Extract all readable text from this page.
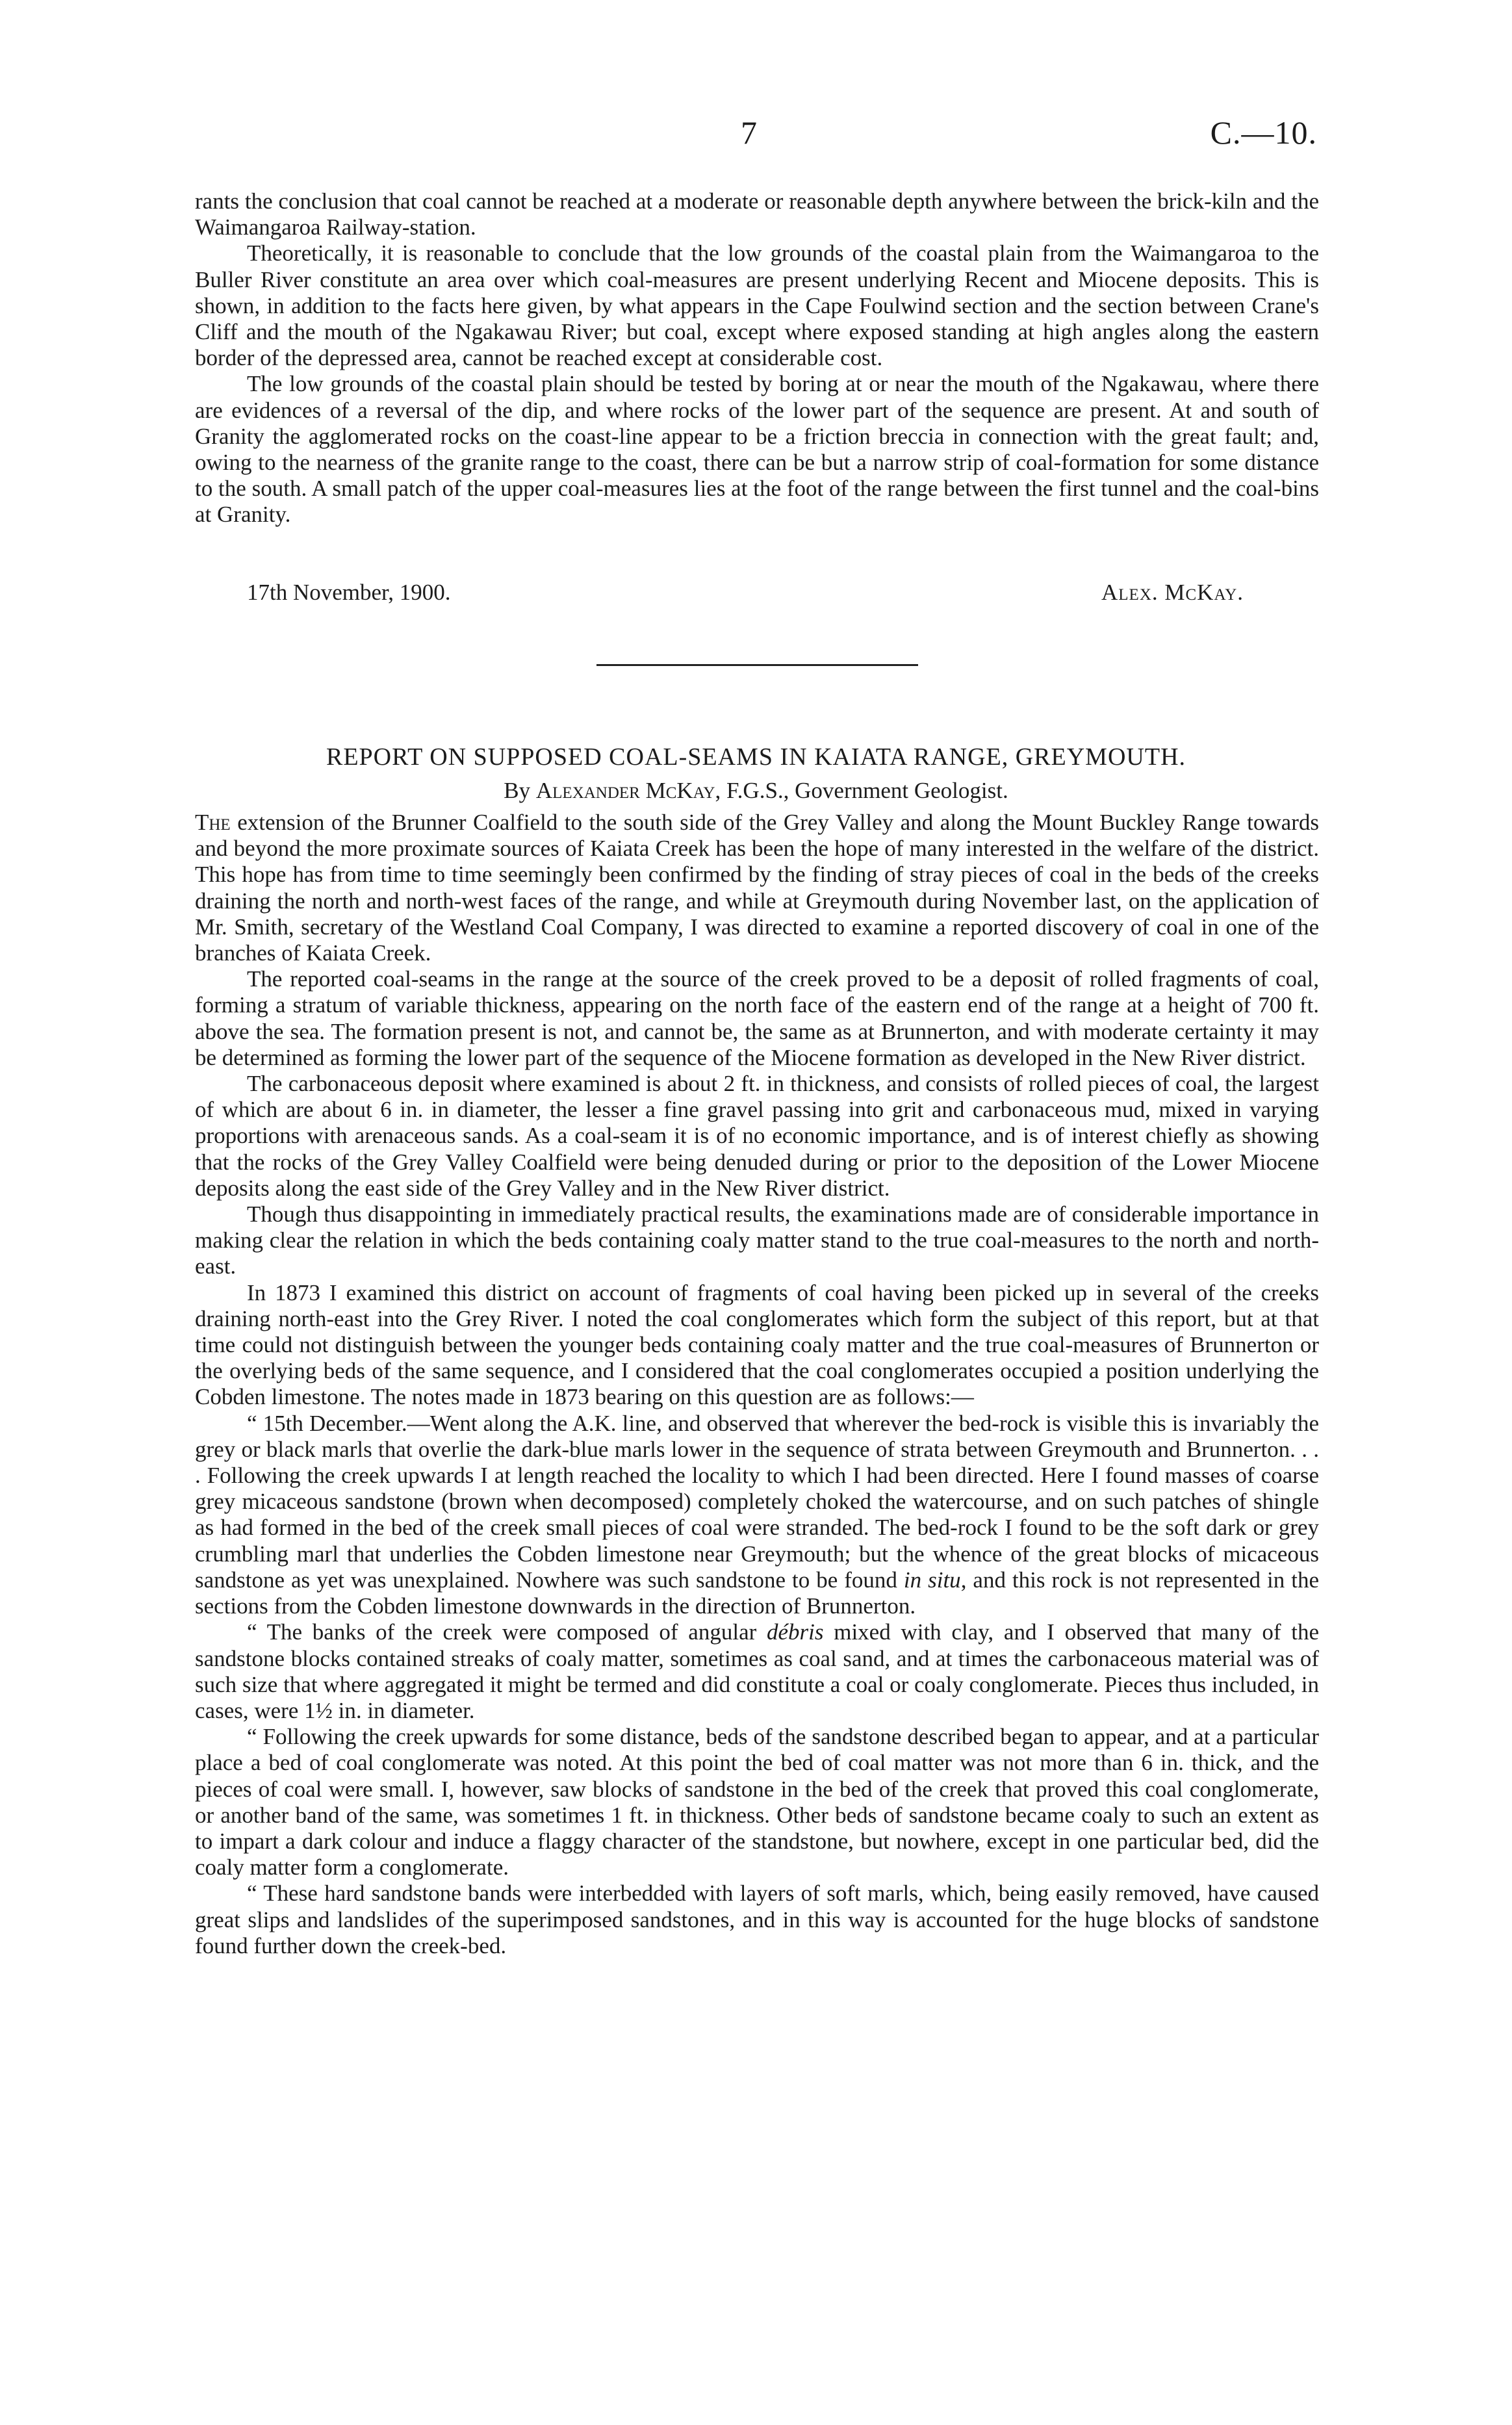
7	C.—10.

rants the conclusion that coal cannot be reached at a moderate or reasonable depth anywhere between the brick-kiln and the Waimangaroa Railway-station.

Theoretically, it is reasonable to conclude that the low grounds of the coastal plain from the Waimangaroa to the Buller River constitute an area over which coal-measures are present underlying Recent and Miocene deposits. This is shown, in addition to the facts here given, by what appears in the Cape Foulwind section and the section between Crane's Cliff and the mouth of the Ngakawau River; but coal, except where exposed standing at high angles along the eastern border of the depressed area, cannot be reached except at considerable cost.

The low grounds of the coastal plain should be tested by boring at or near the mouth of the Ngakawau, where there are evidences of a reversal of the dip, and where rocks of the lower part of the sequence are present. At and south of Granity the agglomerated rocks on the coast-line appear to be a friction breccia in connection with the great fault; and, owing to the nearness of the granite range to the coast, there can be but a narrow strip of coal-formation for some distance to the south. A small patch of the upper coal-measures lies at the foot of the range between the first tunnel and the coal-bins at Granity.

17th November, 1900.	Alex. McKay.
REPORT ON SUPPOSED COAL-SEAMS IN KAIATA RANGE, GREYMOUTH.
By Alexander McKay, F.G.S., Government Geologist.

The extension of the Brunner Coalfield to the south side of the Grey Valley and along the Mount Buckley Range towards and beyond the more proximate sources of Kaiata Creek has been the hope of many interested in the welfare of the district. This hope has from time to time seemingly been confirmed by the finding of stray pieces of coal in the beds of the creeks draining the north and north-west faces of the range, and while at Greymouth during November last, on the application of Mr. Smith, secretary of the Westland Coal Company, I was directed to examine a reported discovery of coal in one of the branches of Kaiata Creek.

The reported coal-seams in the range at the source of the creek proved to be a deposit of rolled fragments of coal, forming a stratum of variable thickness, appearing on the north face of the eastern end of the range at a height of 700 ft. above the sea. The formation present is not, and cannot be, the same as at Brunnerton, and with moderate certainty it may be determined as forming the lower part of the sequence of the Miocene formation as developed in the New River district.

The carbonaceous deposit where examined is about 2 ft. in thickness, and consists of rolled pieces of coal, the largest of which are about 6 in. in diameter, the lesser a fine gravel passing into grit and carbonaceous mud, mixed in varying proportions with arenaceous sands. As a coal-seam it is of no economic importance, and is of interest chiefly as showing that the rocks of the Grey Valley Coalfield were being denuded during or prior to the deposition of the Lower Miocene deposits along the east side of the Grey Valley and in the New River district.

Though thus disappointing in immediately practical results, the examinations made are of considerable importance in making clear the relation in which the beds containing coaly matter stand to the true coal-measures to the north and north-east.

In 1873 I examined this district on account of fragments of coal having been picked up in several of the creeks draining north-east into the Grey River. I noted the coal conglomerates which form the subject of this report, but at that time could not distinguish between the younger beds containing coaly matter and the true coal-measures of Brunnerton or the overlying beds of the same sequence, and I considered that the coal conglomerates occupied a position underlying the Cobden limestone. The notes made in 1873 bearing on this question are as follows:—

“ 15th December.—Went along the A.K. line, and observed that wherever the bed-rock is visible this is invariably the grey or black marls that overlie the dark-blue marls lower in the sequence of strata between Greymouth and Brunnerton. . . . Following the creek upwards I at length reached the locality to which I had been directed. Here I found masses of coarse grey micaceous sandstone (brown when decomposed) completely choked the watercourse, and on such patches of shingle as had formed in the bed of the creek small pieces of coal were stranded. The bed-rock I found to be the soft dark or grey crumbling marl that underlies the Cobden limestone near Greymouth; but the whence of the great blocks of micaceous sandstone as yet was unexplained. Nowhere was such sandstone to be found in situ, and this rock is not represented in the sections from the Cobden limestone downwards in the direction of Brunnerton.

“ The banks of the creek were composed of angular débris mixed with clay, and I observed that many of the sandstone blocks contained streaks of coaly matter, sometimes as coal sand, and at times the carbonaceous material was of such size that where aggregated it might be termed and did constitute a coal or coaly conglomerate. Pieces thus included, in cases, were 1½ in. in diameter.

“ Following the creek upwards for some distance, beds of the sandstone described began to appear, and at a particular place a bed of coal conglomerate was noted. At this point the bed of coal matter was not more than 6 in. thick, and the pieces of coal were small. I, however, saw blocks of sandstone in the bed of the creek that proved this coal conglomerate, or another band of the same, was sometimes 1 ft. in thickness. Other beds of sandstone became coaly to such an extent as to impart a dark colour and induce a flaggy character of the standstone, but nowhere, except in one particular bed, did the coaly matter form a conglomerate.

“ These hard sandstone bands were interbedded with layers of soft marls, which, being easily removed, have caused great slips and landslides of the superimposed sandstones, and in this way is accounted for the huge blocks of sandstone found further down the creek-bed.
